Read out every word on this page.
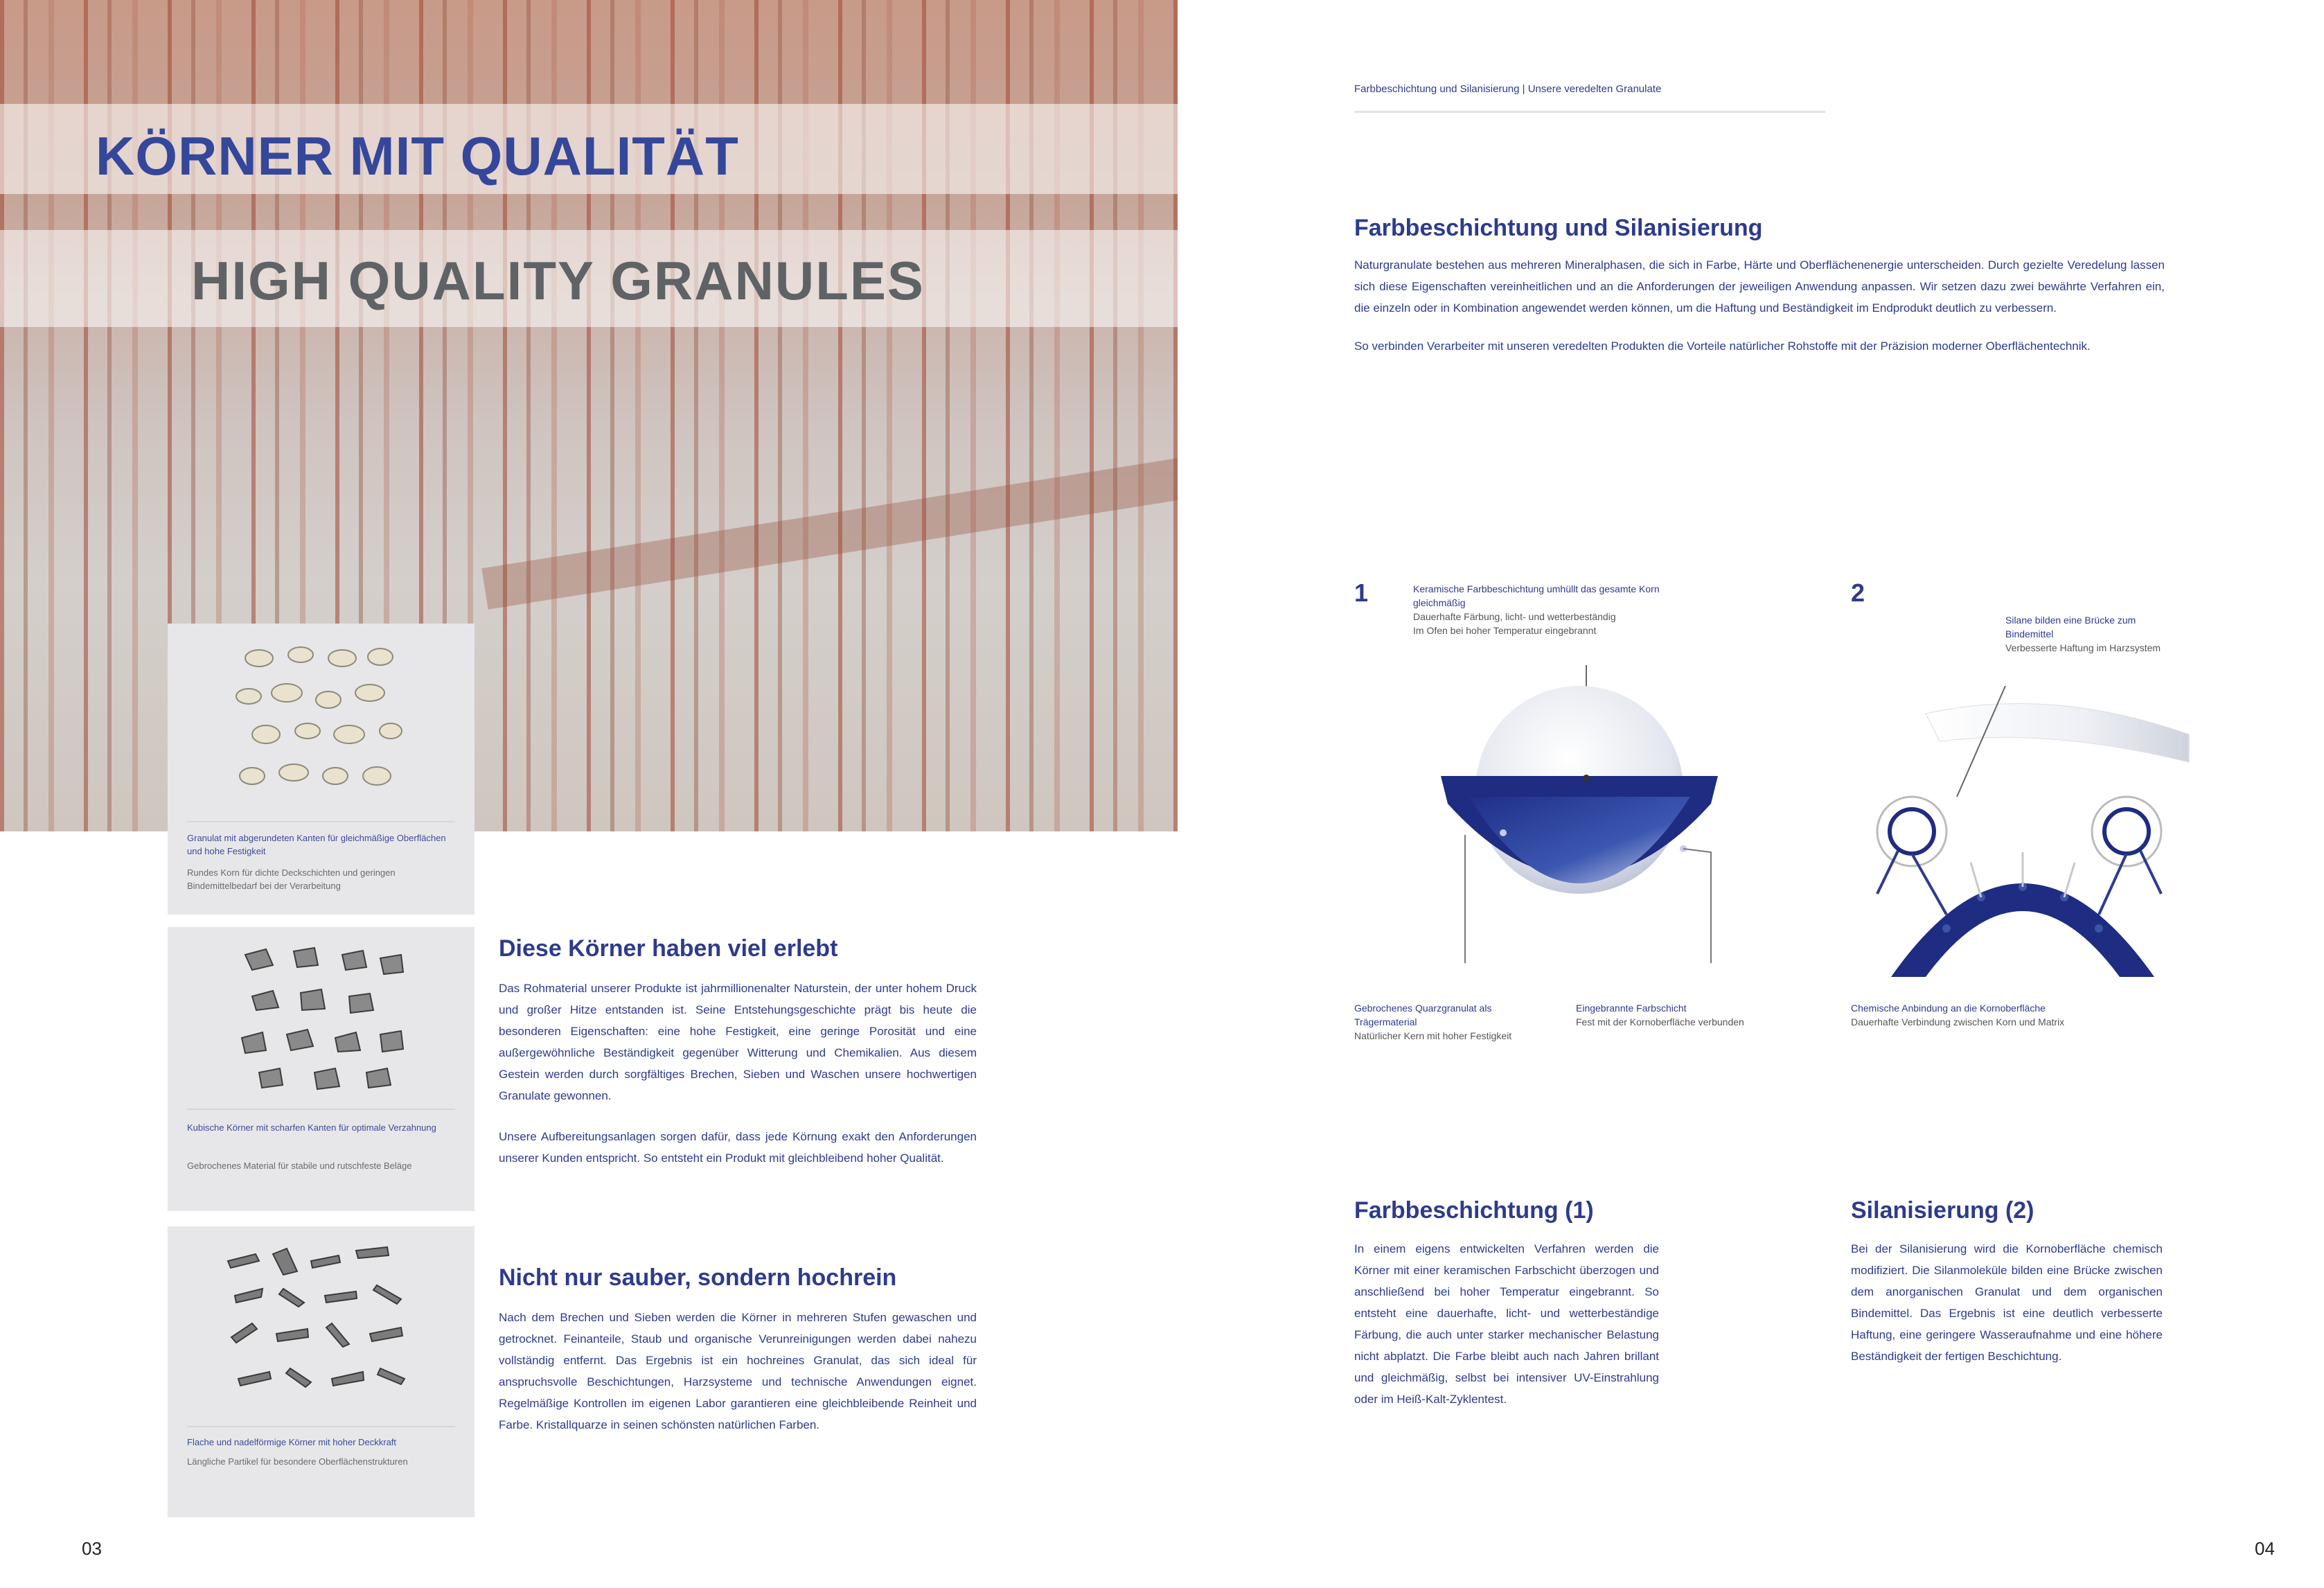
KÖRNER MIT QUALITÄT
HIGH QUALITY GRANULES
Granulat mit abgerundeten Kanten für gleichmäßige Oberflächen und hohe Festigkeit
Rundes Korn für dichte Deckschichten und geringen Bindemittelbedarf bei der Verarbeitung
Kubische Körner mit scharfen Kanten für optimale Verzahnung
Gebrochenes Material für stabile und rutschfeste Beläge
Flache und nadelförmige Körner mit hoher Deckkraft
Längliche Partikel für besondere Oberflächenstrukturen
Diese Körner haben viel erlebt

Das Rohmaterial unserer Produkte ist jahrmillionenalter Naturstein, der unter hohem Druck und großer Hitze entstanden ist. Seine Entstehungsgeschichte prägt bis heute die besonderen Eigenschaften: eine hohe Festigkeit, eine geringe Porosität und eine außergewöhnliche Beständigkeit gegenüber Witterung und Chemikalien. Aus diesem Gestein werden durch sorgfältiges Brechen, Sieben und Waschen unsere hochwertigen Granulate gewonnen.

Unsere Aufbereitungsanlagen sorgen dafür, dass jede Körnung exakt den Anforderungen unserer Kunden entspricht. So entsteht ein Produkt mit gleichbleibend hoher Qualität.

Nicht nur sauber, sondern hochrein

Nach dem Brechen und Sieben werden die Körner in mehreren Stufen gewaschen und getrocknet. Feinanteile, Staub und organische Verunreinigungen werden dabei nahezu vollständig entfernt. Das Ergebnis ist ein hochreines Granulat, das sich ideal für anspruchsvolle Beschichtungen, Harzsysteme und technische Anwendungen eignet. Regelmäßige Kontrollen im eigenen Labor garantieren eine gleichbleibende Reinheit und Farbe. Kristallquarze in seinen schönsten natürlichen Farben.

03
Farbbeschichtung und Silanisierung | Unsere veredelten Granulate
Farbbeschichtung und Silanisierung

Naturgranulate bestehen aus mehreren Mineralphasen, die sich in Farbe, Härte und Oberflächenenergie unterscheiden. Durch gezielte Veredelung lassen sich diese Eigenschaften vereinheitlichen und an die Anforderungen der jeweiligen Anwendung anpassen. Wir setzen dazu zwei bewährte Verfahren ein, die einzeln oder in Kombination angewendet werden können, um die Haftung und Beständigkeit im Endprodukt deutlich zu verbessern.

So verbinden Verarbeiter mit unseren veredelten Produkten die Vorteile natürlicher Rohstoffe mit der Präzision moderner Oberflächentechnik.

1	Keramische Farbbeschichtung umhüllt das gesamte Korn gleichmäßig

Dauerhafte Färbung, licht- und wetterbeständig

Im Ofen bei hoher Temperatur eingebrannt

Gebrochenes Quarzgranulat als Trägermaterial

Natürlicher Kern mit hoher Festigkeit

Eingebrannte Farbschicht

Fest mit der Kornoberfläche verbunden

2

Silane bilden eine Brücke zum Bindemittel

Verbesserte Haftung im Harzsystem

Chemische Anbindung an die Kornoberfläche

Dauerhafte Verbindung zwischen Korn und Matrix

Farbbeschichtung (1)

In einem eigens entwickelten Verfahren werden die Körner mit einer keramischen Farbschicht überzogen und anschließend bei hoher Temperatur eingebrannt. So entsteht eine dauerhafte, licht- und wetterbeständige Färbung, die auch unter starker mechanischer Belastung nicht abplatzt. Die Farbe bleibt auch nach Jahren brillant und gleichmäßig, selbst bei intensiver UV-Einstrahlung oder im Heiß-Kalt-Zyklentest.

Silanisierung (2)

Bei der Silanisierung wird die Kornoberfläche chemisch modifiziert. Die Silanmoleküle bilden eine Brücke zwischen dem anorganischen Granulat und dem organischen Bindemittel. Das Ergebnis ist eine deutlich verbesserte Haftung, eine geringere Wasseraufnahme und eine höhere Beständigkeit der fertigen Beschichtung.

04
